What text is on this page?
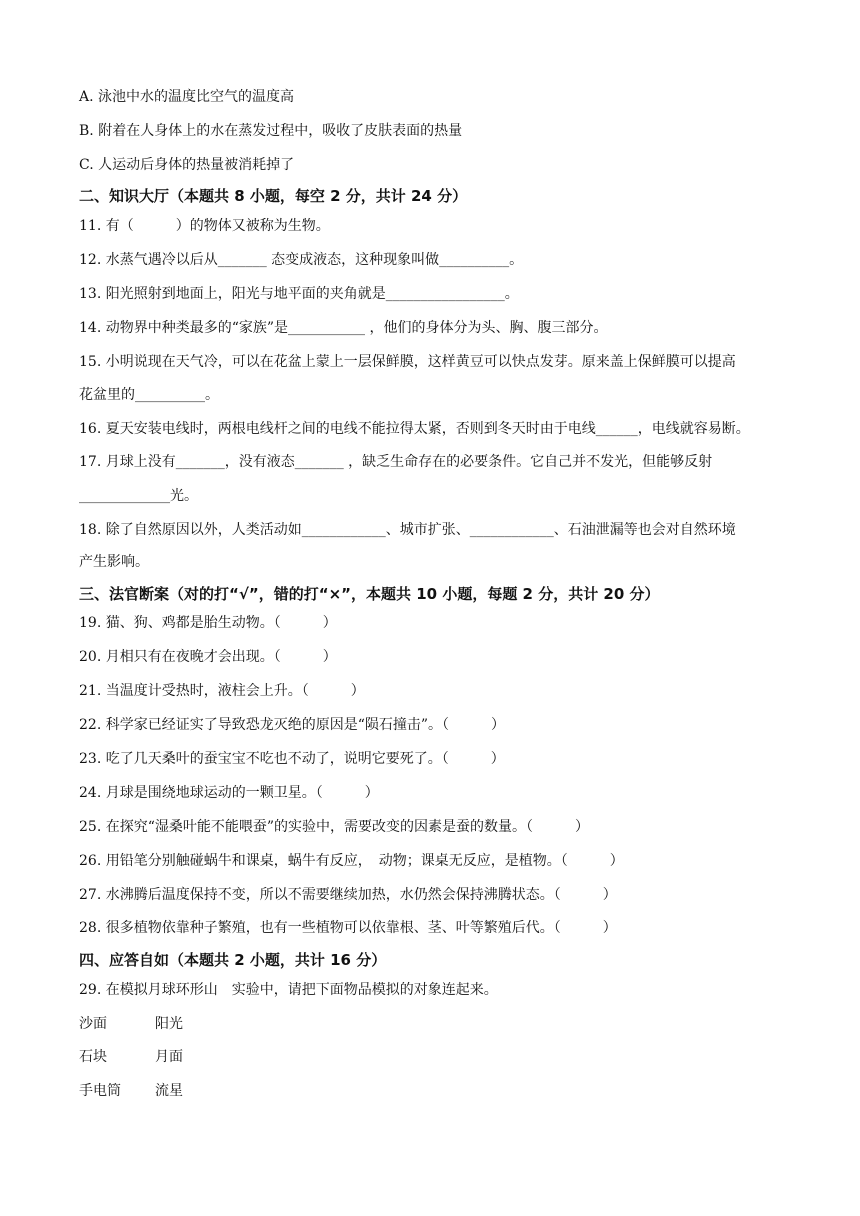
A. 泳池中水的温度比空气的温度高
B. 附着在人身体上的水在蒸发过程中，吸收了皮肤表面的热量
C. 人运动后身体的热量被消耗掉了
二、知识大厅（本题共 8 小题，每空 2 分，共计 24 分）
11. 有（　　　）的物体又被称为生物。
12. 水蒸气遇冷以后从_______ 态变成液态，这种现象叫做__________。
13. 阳光照射到地面上，阳光与地平面的夹角就是_________________。
14. 动物界中种类最多的“家族”是___________ ，他们的身体分为头、胸、腹三部分。
15. 小明说现在天气冷，可以在花盆上蒙上一层保鲜膜，这样黄豆可以快点发芽。原来盖上保鲜膜可以提高
花盆里的__________。
16. 夏天安装电线时，两根电线杆之间的电线不能拉得太紧，否则到冬天时由于电线______，电线就容易断。
17. 月球上没有_______，没有液态_______ ，缺乏生命存在的必要条件。它自己并不发光，但能够反射
_____________光。
18. 除了自然原因以外，人类活动如____________、城市扩张、____________、石油泄漏等也会对自然环境
产生影响。
三、法官断案（对的打“√”，错的打“×”，本题共 10 小题，每题 2 分，共计 20 分）
19. 猫、狗、鸡都是胎生动物。（　　　）
20. 月相只有在夜晚才会出现。（　　　）
21. 当温度计受热时，液柱会上升。（　　　）
22. 科学家已经证实了导致恐龙灭绝的原因是“陨石撞击”。（　　　）
23. 吃了几天桑叶的蚕宝宝不吃也不动了，说明它要死了。（　　　）
24. 月球是围绕地球运动的一颗卫星。（　　　）
25. 在探究“湿桑叶能不能喂蚕”的实验中，需要改变的因素是蚕的数量。（　　　）
26. 用铅笔分别触碰蜗牛和课桌，蜗牛有反应，　动物；课桌无反应，是植物。（　　　）
27. 水沸腾后温度保持不变，所以不需要继续加热，水仍然会保持沸腾状态。（　　　）
28. 很多植物依靠种子繁殖，也有一些植物可以依靠根、茎、叶等繁殖后代。（　　　）
四、应答自如（本题共 2 小题，共计 16 分）
29. 在模拟月球环形山　实验中，请把下面物品模拟的对象连起来。
沙面	阳光
石块	月面
手电筒 流星
